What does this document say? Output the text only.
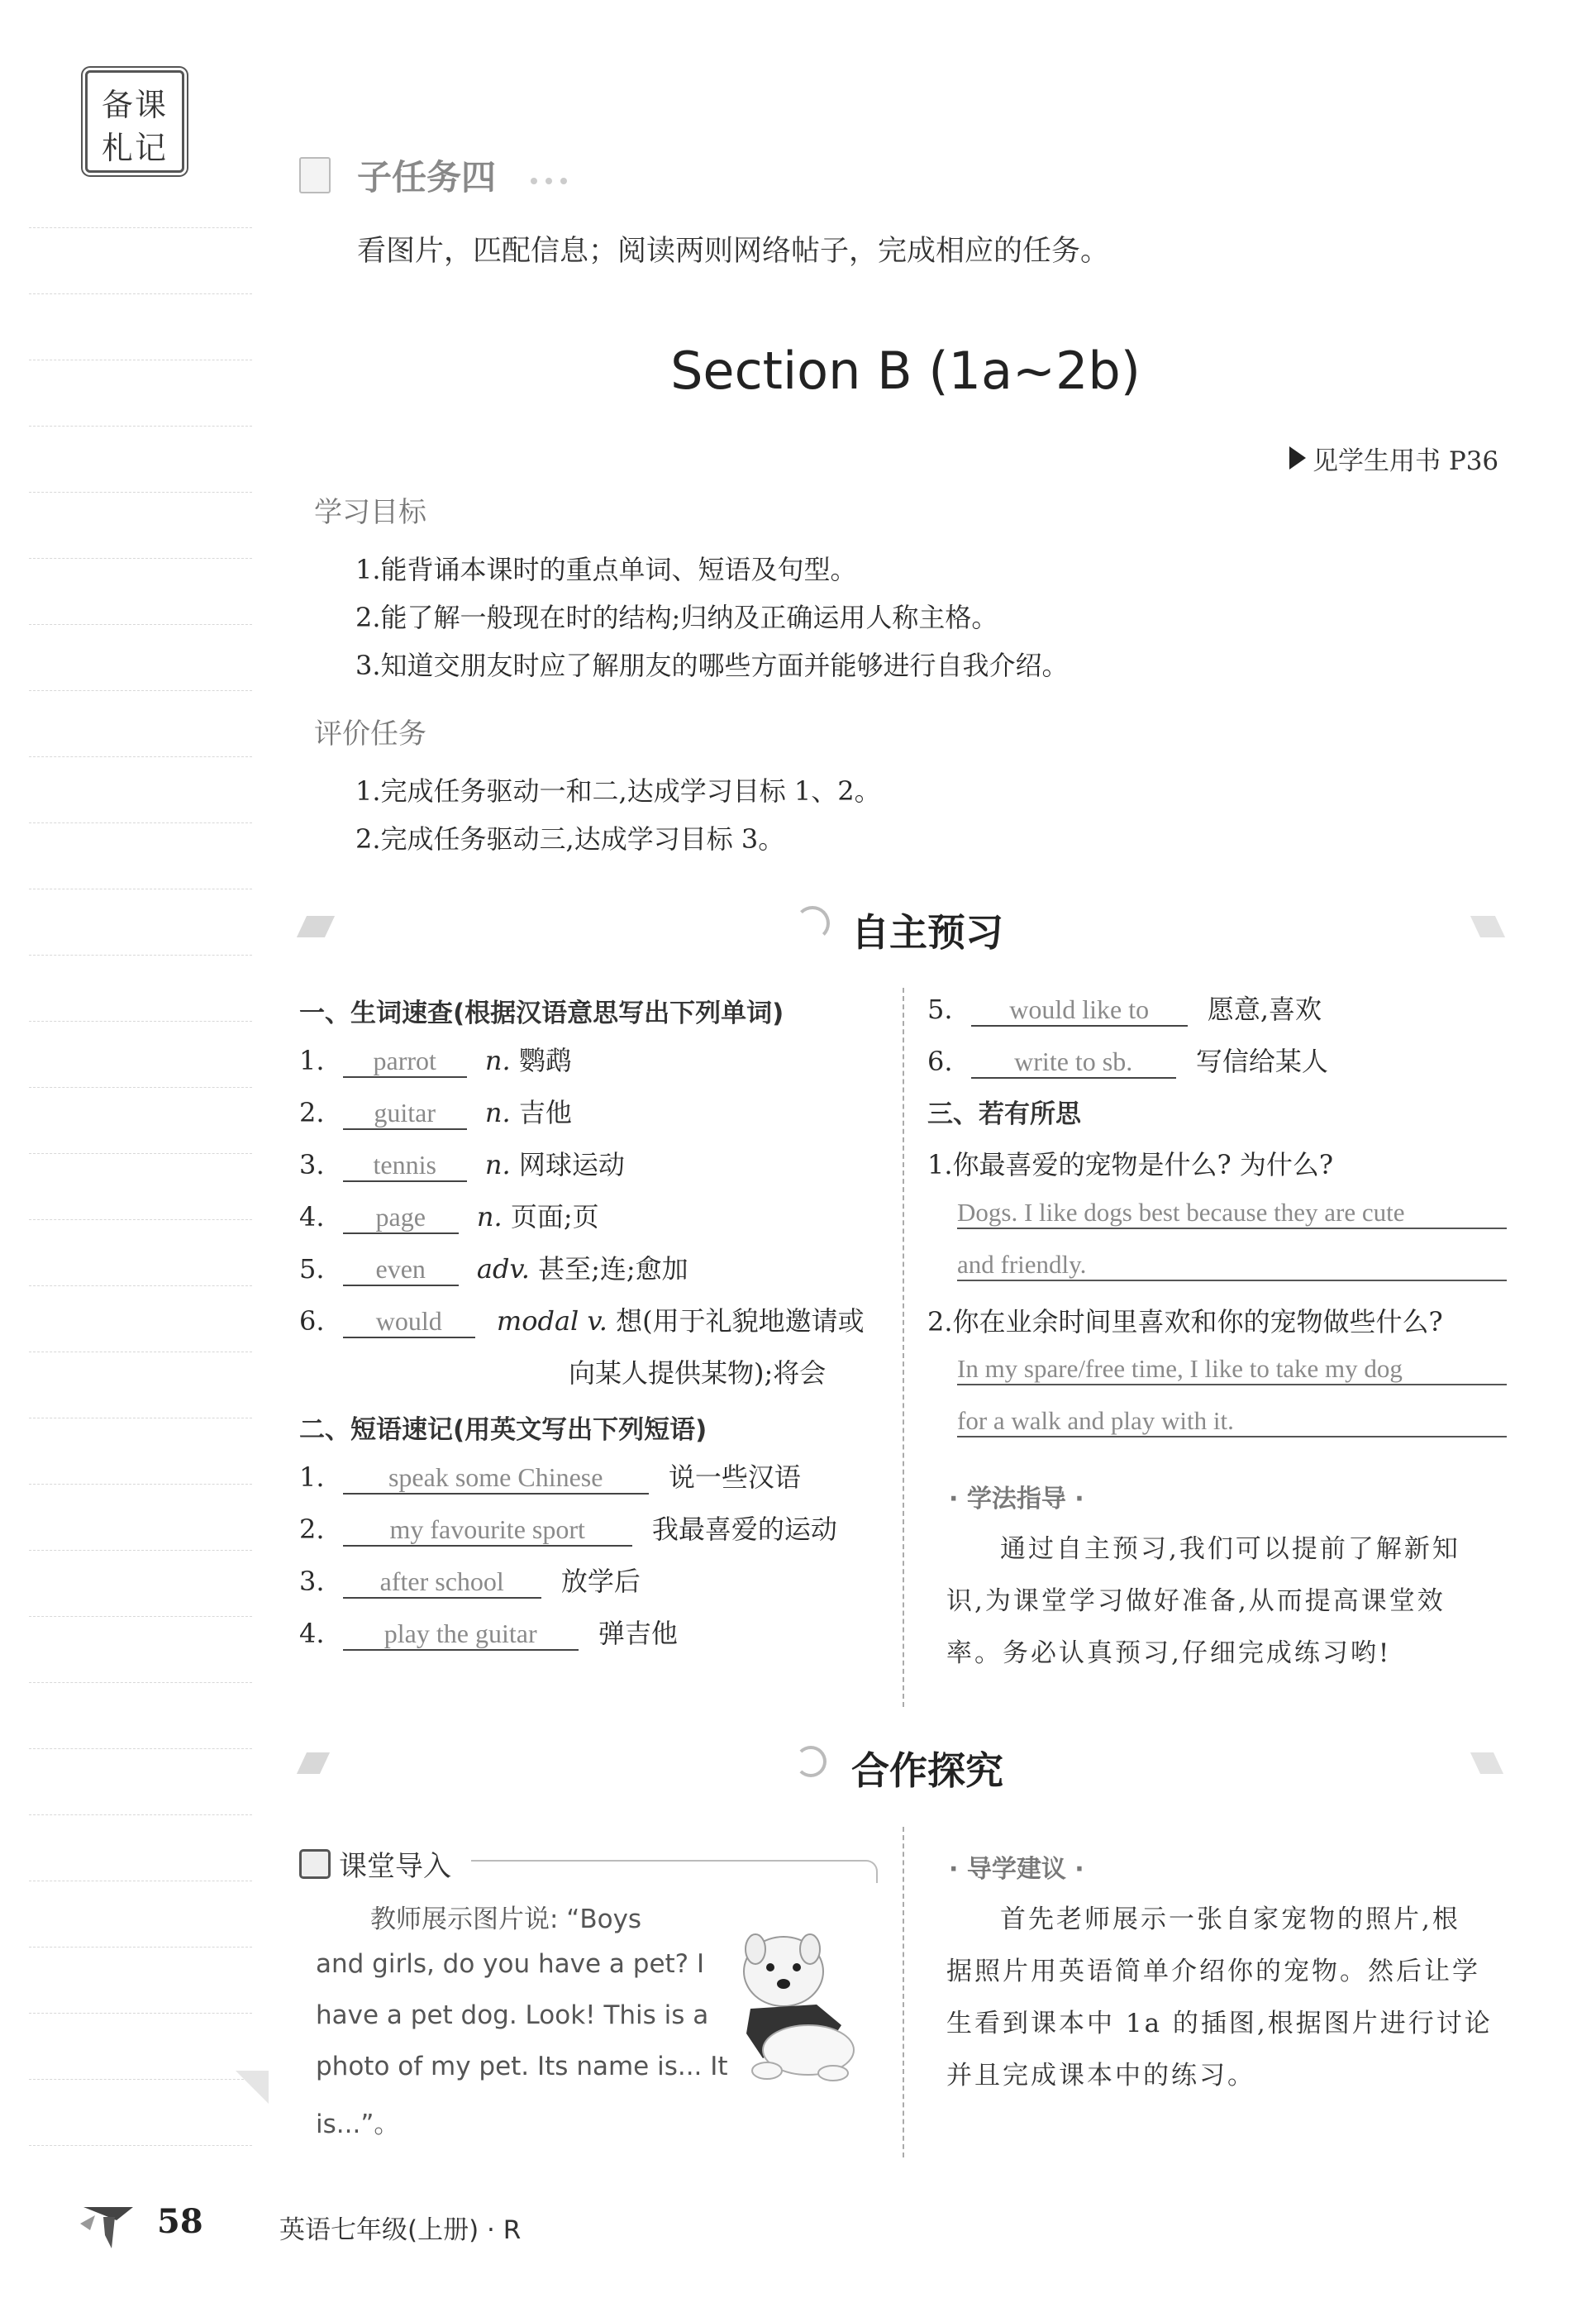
备课
札记
子任务四
看图片，匹配信息；阅读两则网络帖子，完成相应的任务。
Section B (1a~2b)
见学生用书 P36
学习目标
1.能背诵本课时的重点单词、短语及句型。
2.能了解一般现在时的结构;归纳及正确运用人称主格。
3.知道交朋友时应了解朋友的哪些方面并能够进行自我介绍。
评价任务
1.完成任务驱动一和二,达成学习目标 1、2。
2.完成任务驱动三,达成学习目标 3。
自主预习
一、生词速查(根据汉语意思写出下列单词)
1. parrot n. 鹦鹉
2. guitar n. 吉他
3. tennis n. 网球运动
4. page n. 页面;页
5. even adv. 甚至;连;愈加
6. would modal v. 想(用于礼貌地邀请或
向某人提供某物);将会
二、短语速记(用英文写出下列短语)
1. speak some Chinese 说一些汉语
2. my favourite sport	我最喜爱的运动
3. after school 放学后
4. play the guitar 弹吉他
5. would like to 愿意,喜欢
6. write to sb. 写信给某人
三、若有所思
1.你最喜爱的宠物是什么? 为什么?
Dogs. I like dogs best because they are cute
and friendly.
2.你在业余时间里喜欢和你的宠物做些什么?
In my spare/free time, I like to take my dog
for a walk and play with it.
· 学法指导 ·
通过自主预习,我们可以提前了解新知
识,为课堂学习做好准备,从而提高课堂效
率。务必认真预习,仔细完成练习哟!
合作探究
课堂导入
教师展示图片说: “Boys
and girls, do you have a pet? I
have a pet dog. Look! This is a
photo of my pet. Its name is... It
is...”。
· 导学建议 ·
首先老师展示一张自家宠物的照片,根
据照片用英语简单介绍你的宠物。然后让学
生看到课本中 1a 的插图,根据图片进行讨论
并且完成课本中的练习。
58	英语七年级(上册) · R
